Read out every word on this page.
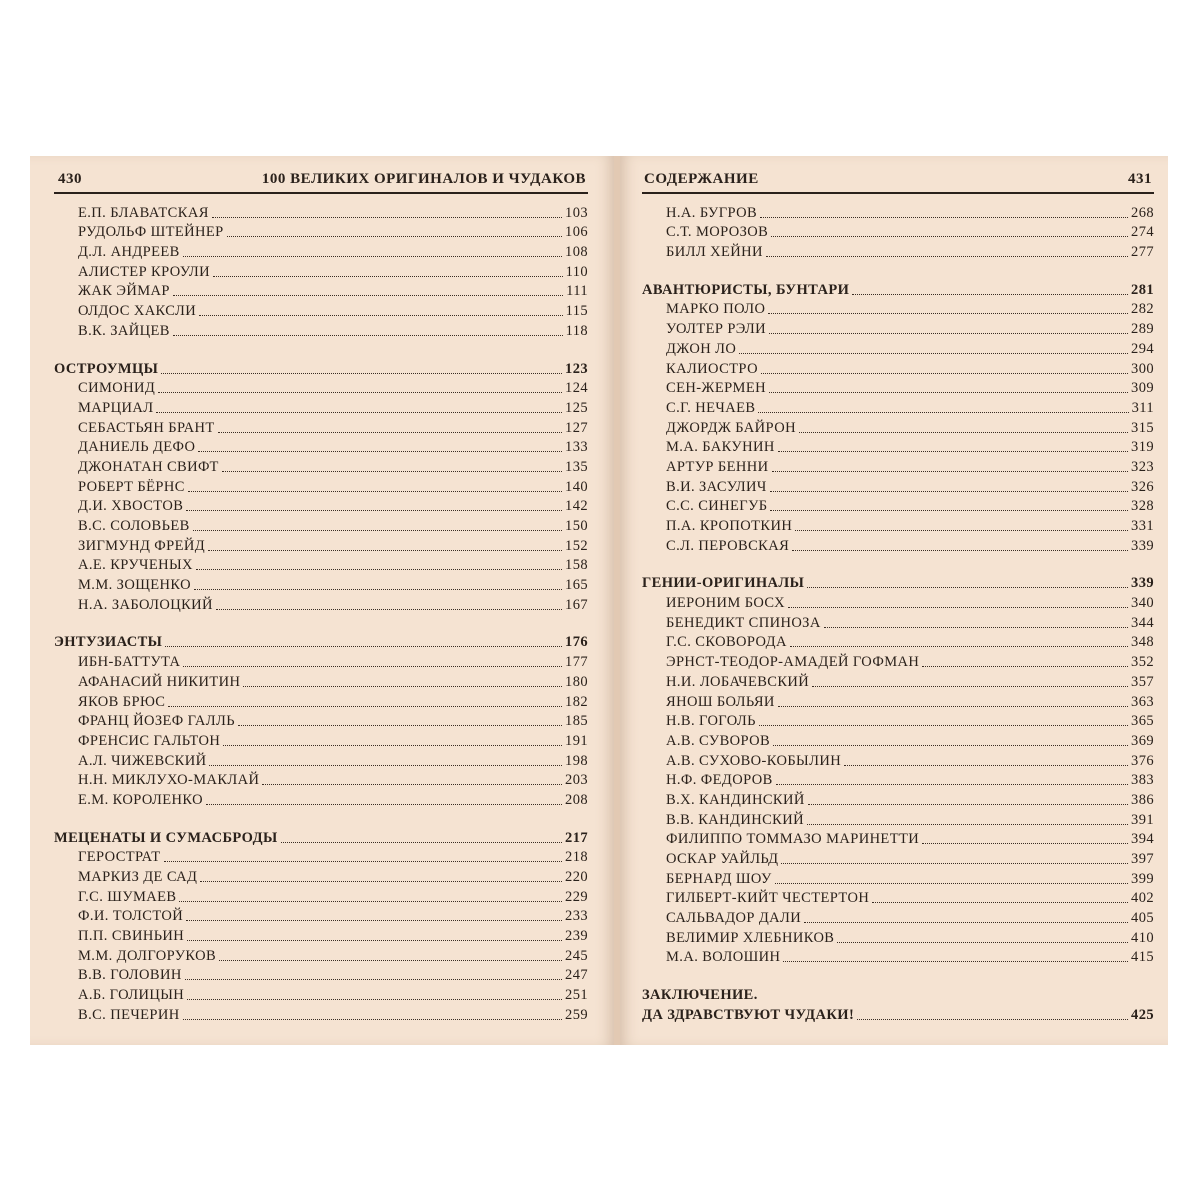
430	100 ВЕЛИКИХ ОРИГИНАЛОВ И ЧУДАКОВ
Е.П. БЛАВАТСКАЯ	103
РУДОЛЬФ ШТЕЙНЕР	106
Д.Л. АНДРЕЕВ	108
АЛИСТЕР КРОУЛИ	110
ЖАК ЭЙМАР	111
ОЛДОС ХАКСЛИ	115
В.К. ЗАЙЦЕВ	118
ОСТРОУМЦЫ	123
СИМОНИД	124
МАРЦИАЛ	125
СЕБАСТЬЯН БРАНТ	127
ДАНИЕЛЬ ДЕФО	133
ДЖОНАТАН СВИФТ	135
РОБЕРТ БЁРНС	140
Д.И. ХВОСТОВ	142
В.С. СОЛОВЬЕВ	150
ЗИГМУНД ФРЕЙД	152
А.Е. КРУЧЕНЫХ	158
М.М. ЗОЩЕНКО	165
Н.А. ЗАБОЛОЦКИЙ	167
ЭНТУЗИАСТЫ	176
ИБН-БАТТУТА	177
АФАНАСИЙ НИКИТИН	180
ЯКОВ БРЮС	182
ФРАНЦ ЙОЗЕФ ГАЛЛЬ	185
ФРЕНСИС ГАЛЬТОН	191
А.Л. ЧИЖЕВСКИЙ	198
Н.Н. МИКЛУХО-МАКЛАЙ	203
Е.М. КОРОЛЕНКО	208
МЕЦЕНАТЫ И СУМАСБРОДЫ	217
ГЕРОСТРАТ	218
МАРКИЗ ДЕ САД	220
Г.С. ШУМАЕВ	229
Ф.И. ТОЛСТОЙ	233
П.П. СВИНЬИН	239
М.М. ДОЛГОРУКОВ	245
В.В. ГОЛОВИН	247
А.Б. ГОЛИЦЫН	251
В.С. ПЕЧЕРИН	259
СОДЕРЖАНИЕ	431
Н.А. БУГРОВ	268
С.Т. МОРОЗОВ	274
БИЛЛ ХЕЙНИ	277
АВАНТЮРИСТЫ, БУНТАРИ	281
МАРКО ПОЛО	282
УОЛТЕР РЭЛИ	289
ДЖОН ЛО	294
КАЛИОСТРО	300
СЕН-ЖЕРМЕН	309
С.Г. НЕЧАЕВ	311
ДЖОРДЖ БАЙРОН	315
М.А. БАКУНИН	319
АРТУР БЕННИ	323
В.И. ЗАСУЛИЧ	326
С.С. СИНЕГУБ	328
П.А. КРОПОТКИН	331
С.Л. ПЕРОВСКАЯ	339
ГЕНИИ-ОРИГИНАЛЫ	339
ИЕРОНИМ БОСХ	340
БЕНЕДИКТ СПИНОЗА	344
Г.С. СКОВОРОДА	348
ЭРНСТ-ТЕОДОР-АМАДЕЙ ГОФМАН	352
Н.И. ЛОБАЧЕВСКИЙ	357
ЯНОШ БОЛЬЯИ	363
Н.В. ГОГОЛЬ	365
А.В. СУВОРОВ	369
А.В. СУХОВО-КОБЫЛИН	376
Н.Ф. ФЕДОРОВ	383
В.Х. КАНДИНСКИЙ	386
В.В. КАНДИНСКИЙ	391
ФИЛИППО ТОММАЗО МАРИНЕТТИ	394
ОСКАР УАЙЛЬД	397
БЕРНАРД ШОУ	399
ГИЛБЕРТ-КИЙТ ЧЕСТЕРТОН	402
САЛЬВАДОР ДАЛИ	405
ВЕЛИМИР ХЛЕБНИКОВ	410
М.А. ВОЛОШИН	415
ЗАКЛЮЧЕНИЕ.
ДА ЗДРАВСТВУЮТ ЧУДАКИ!	425
